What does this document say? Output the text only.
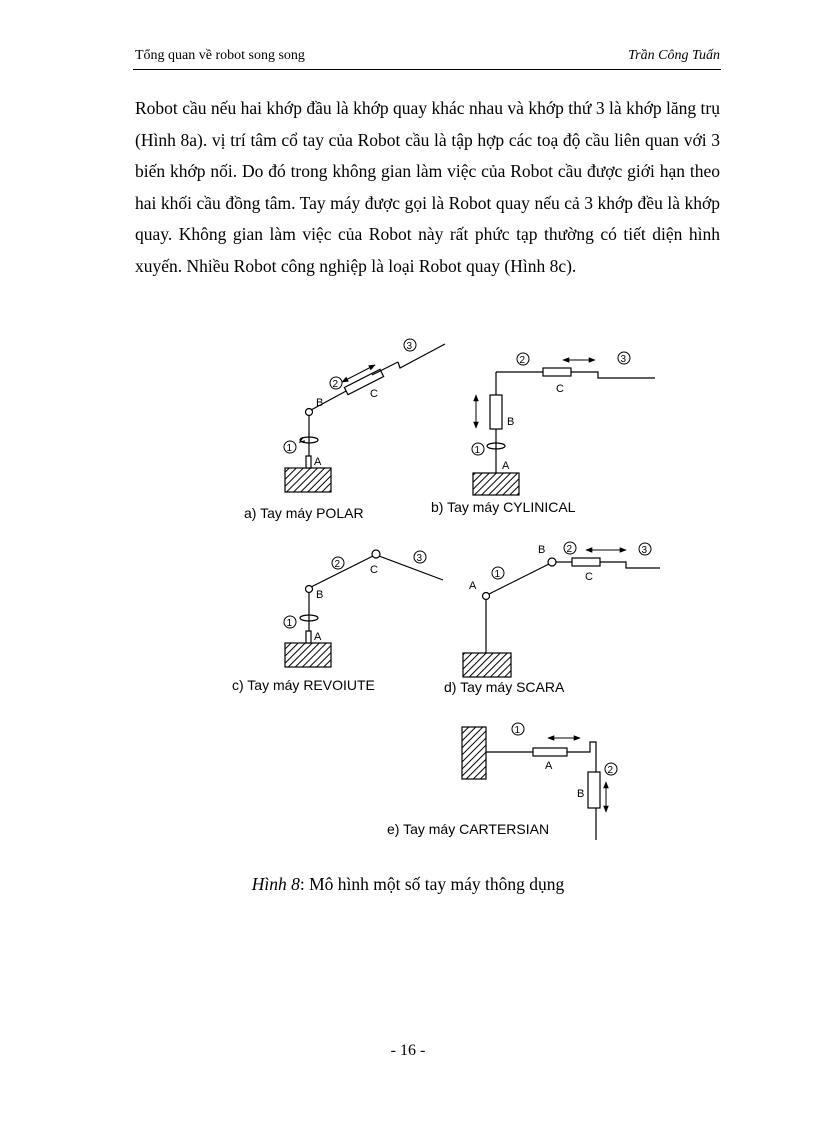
Tổng quan về robot song song	Trần Công Tuấn
Robot cầu nếu hai khớp đầu là khớp quay khác nhau và khớp thứ 3 là khớp lăng trụ (Hình 8a). vị trí tâm cổ tay của Robot cầu là tập hợp các toạ độ cầu liên quan với 3 biến khớp nối. Do đó trong không gian làm việc của Robot cầu được giới hạn theo hai khối cầu đồng tâm. Tay máy được gọi là Robot quay nếu cả 3 khớp đều là khớp quay. Không gian làm việc của Robot này rất phức tạp thường có tiết diện hình xuyến. Nhiều Robot công nghiệp là loại Robot quay (Hình 8c).
1
A
B
2
C
3
a) Tay máy POLAR
1
A
B
2
C
3
b) Tay máy CYLINICAL
1
A
B
2	C
3
c) Tay máy REVOIUTE
A
1
B 2
C
3
d) Tay máy SCARA
1
A
B
2
e) Tay máy CARTERSIAN
Hình 8: Mô hình một số tay máy thông dụng
- 16 -
